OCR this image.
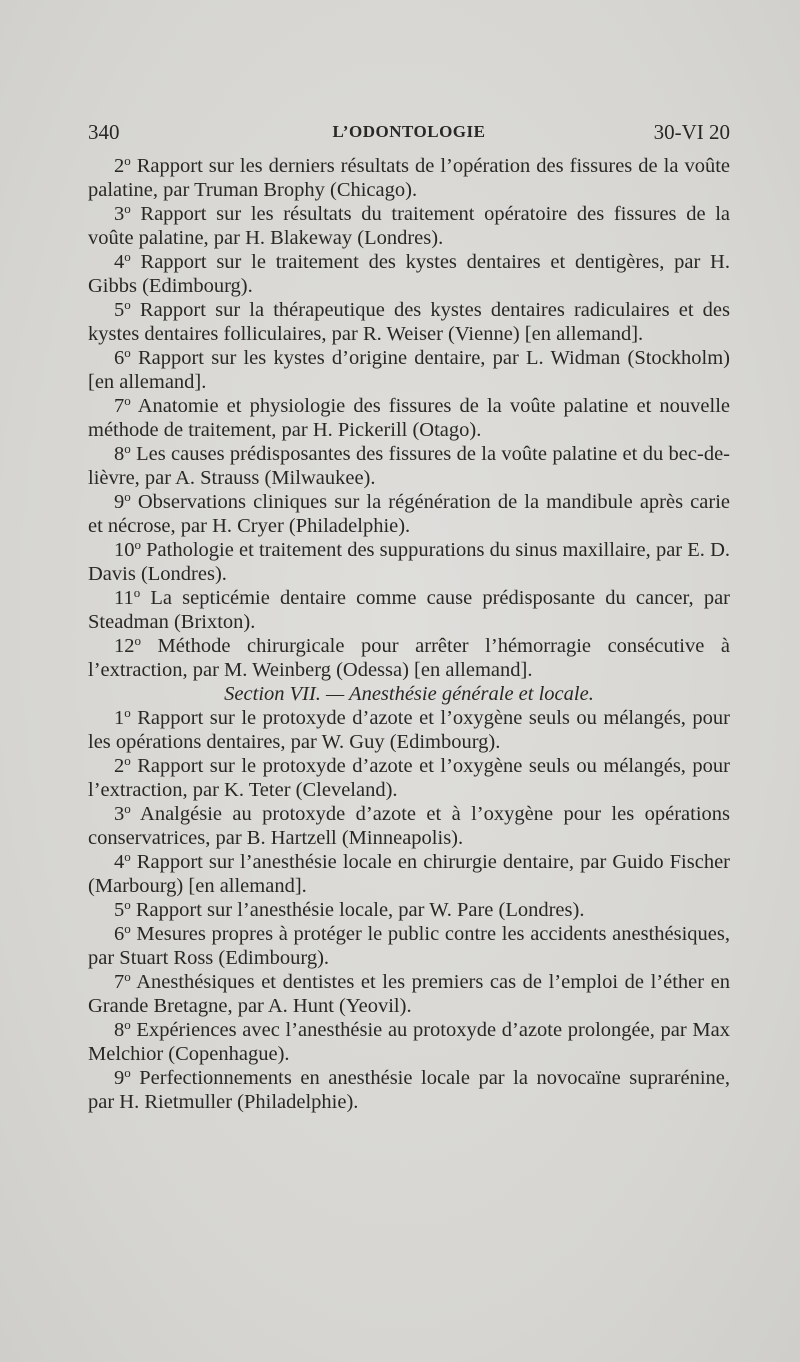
340	L’ODONTOLOGIE	30-VI 20

2$^o$ Rapport sur les derniers résultats de l’opération des fissures de la voûte palatine, par Truman Brophy (Chicago).

3$^o$ Rapport sur les résultats du traitement opératoire des fissures de la voûte palatine, par H. Blakeway (Londres).

4$^o$ Rapport sur le traitement des kystes dentaires et dentigères, par H. Gibbs (Edimbourg).

5$^o$ Rapport sur la thérapeutique des kystes dentaires radiculaires et des kystes dentaires folliculaires, par R. Weiser (Vienne) [en allemand].

6$^o$ Rapport sur les kystes d’origine dentaire, par L. Widman (Stockholm) [en allemand].

7$^o$ Anatomie et physiologie des fissures de la voûte palatine et nouvelle méthode de traitement, par H. Pickerill (Otago).

8$^o$ Les causes prédisposantes des fissures de la voûte palatine et du bec-de-lièvre, par A. Strauss (Milwaukee).

9$^o$ Observations cliniques sur la régénération de la mandibule après carie et nécrose, par H. Cryer (Philadelphie).

10$^o$ Pathologie et traitement des suppurations du sinus maxillaire, par E. D. Davis (Londres).

11$^o$ La septicémie dentaire comme cause prédisposante du cancer, par Steadman (Brixton).

12$^o$ Méthode chirurgicale pour arrêter l’hémorragie consécutive à l’extraction, par M. Weinberg (Odessa) [en allemand].

Section VII. — Anesthésie générale et locale.

1$^o$ Rapport sur le protoxyde d’azote et l’oxygène seuls ou mélangés, pour les opérations dentaires, par W. Guy (Edimbourg).

2$^o$ Rapport sur le protoxyde d’azote et l’oxygène seuls ou mélangés, pour l’extraction, par K. Teter (Cleveland).

3$^o$ Analgésie au protoxyde d’azote et à l’oxygène pour les opérations conservatrices, par B. Hartzell (Minneapolis).

4$^o$ Rapport sur l’anesthésie locale en chirurgie dentaire, par Guido Fischer (Marbourg) [en allemand].

5$^o$ Rapport sur l’anesthésie locale, par W. Pare (Londres).

6$^o$ Mesures propres à protéger le public contre les accidents anesthésiques, par Stuart Ross (Edimbourg).

7$^o$ Anesthésiques et dentistes et les premiers cas de l’emploi de l’éther en Grande Bretagne, par A. Hunt (Yeovil).

8$^o$ Expériences avec l’anesthésie au protoxyde d’azote prolongée, par Max Melchior (Copenhague).

9$^o$ Perfectionnements en anesthésie locale par la novocaïne suprarénine, par H. Rietmuller (Philadelphie).
